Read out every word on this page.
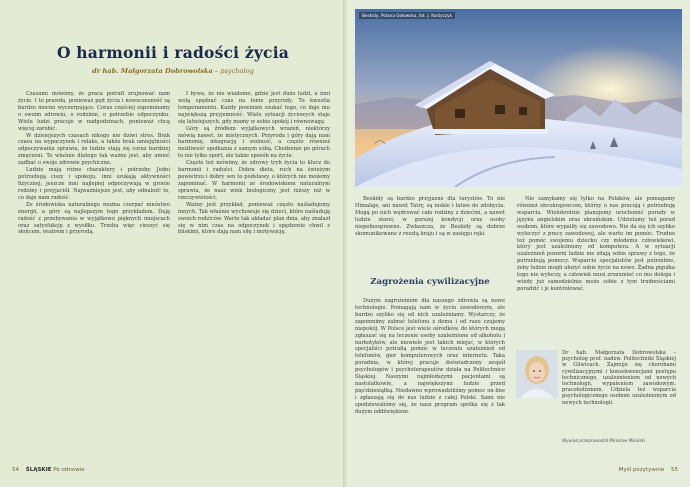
O harmonii i radości życia
dr hab. Małgorzata Dobrowolska – psycholog

Czasami mówimy, że praca potrafi zrujnować nam życie. I to prawda, ponieważ pęd życia i nowoczesność są bardzo mocno wyczerpujące. Coraz częściej zapominamy o swoim zdrowiu, o rodzinie, o potrzebie odpoczynku. Wielu ludzi pracuje w nadgodzinach, ponieważ chcą więcej zarobić.

W dzisiejszych czasach nikogo nie dziwi stres. Brak czasu na wypoczynek i relaks, a także brak umiejętności odpoczywania sprawia, że ludzie stają się coraz bardziej zmęczeni. To właśnie dlatego tak ważne jest, aby umieć zadbać o swoje zdrowie psychiczne.

Ludzie mają różne charaktery i potrzeby. Jedni potrzebują ciszy i spokoju, inni szukają aktywności fizycznej, jeszcze inni najlepiej odpoczywają w gronie rodziny i przyjaciół. Najważniejsze jest, aby odnaleźć to, co daje nam radość.

Ze środowiska naturalnego można czerpać mnóstwo energii, a góry są najlepszym tego przykładem. Dają radość z przebywania w wyjątkowo pięknych miejscach oraz satysfakcję z wysiłku. Trzeba więc cieszyć się słońcem, wiatrem i przyrodą.

I bywa, że nie wiadomo, gdzie jest dużo ludzi, a inni wolą spędzać czas na łonie przyrody. To kwestia temperamentu. Każdy powinien szukać tego, co daje mu największą przyjemność. Wiele sytuacji życiowych staje się łatwiejszych, gdy mamy w sobie spokój i równowagę.

Góry są źródłem wyjątkowych wrażeń, niektórzy mówią nawet, że mistycznych. Przyroda i góry dają nam harmonię, integrację i wolność, a często również możliwość spotkania z samym sobą. Chodzenie po górach to nie tylko sport, ale także sposób na życie.

Często też mówimy, że zdrowy tryb życia to klucz do harmonii i radości. Dobra dieta, ruch na świeżym powietrzu i dobry sen to podstawy, o których nie możemy zapominać. W harmonii ze środowiskiem naturalnym sprawia, że nasz wiek biologiczny jest niższy niż w rzeczywistości.

Ważny jest przykład, ponieważ często naśladujemy innych. Tak właśnie wychowuje się dzieci, które naśladują swoich rodziców. Warto tak układać plan dnia, aby znalazł się w nim czas na odpoczynek i spędzenie chwil z bliskimi, które dają nam siłę i motywację.

54 ŚLĄSKIE Po odnowie
Beskidy, Polana Gołowska, fot. J. Kostyczyk

Beskidy są bardzo przyjazne dla turystów. To nie Himalaje, ani nawet Tatry, są niskie i łatwe do zdobycia. Mogą po nich wędrować całe rodziny z dziećmi, a nawet ludzie starsi, w gorszej kondycji oraz osoby niepełnosprawne. Zwłaszcza, że Beskidy są dobrze skomunikowane z resztą kraju i są w zasięgu ręki.

Zagrożenia cywilizacyjne

Dużym zagrożeniem dla naszego zdrowia są nowe technologie. Pomagają nam w życiu zawodowym, ale bardzo szybko się od nich uzależniamy. Wystarczy, że zapomnimy zabrać telefonu z domu i od razu czujemy niepokój. W Polsce jest wiele ośrodków, do których mogą zgłaszać się na leczenie osoby uzależnione od alkoholu i narkotyków, ale niewiele jest takich miejsc, w których specjaliści potrafią pomóc w leczeniu uzależnień od telefonów, gier komputerowych oraz internetu. Taka poradnia, w której pracuje doświadczony zespół psychologów i psychoterapeutów działa na Politechnice Śląskiej. Naszymi najmłodszymi pacjentami są nastolatkowie, a największymi ludzie przed pięćdziesiątką. Niedawno wprowadziliśmy pomoc on-line i zgłaszają się do nas ludzie z całej Polski. Sami nie spodziewaliśmy się, że nasz program spotka się z tak dużym oddźwiękiem.

Nie zamykamy się tylko na Polaków, ale pomagamy również obcokrajowcom, którzy u nas pracują i potrzebują wsparcia. Wielokrotnie planujemy uruchomić porady w języku angielskim oraz ukraińskim. Udzielamy też porad osobom, które wypaliły się zawodowo. Nie da się ich szybko wyleczyć z pracy zawodowej, ale warto im pomóc. Trudno też pomóc swojemu dziecku czy młodemu człowiekowi, który jest uzależniony od komputera. A w sytuacji uzależnień pozorni ludzie nie zdają sobie sprawy z tego, że potrzebują pomocy. Wsparcie specjalistów jest potrzebne, żeby ludzie mogli ułożyć sobie życie na nowo. Żadna pigułka tego nie wyleczy, a człowiek musi zrozumieć co mu dolega i wtedy już samodzielnie może sobie z tym trudnościami poradzić i je kontrolować.

Dr hab. Małgorzata Dobrowolska – psycholog prof. nadzw. Politechniki Śląskiej w Gliwicach. Zajmuje się chorobami cywilizacyjnymi i konsekwencjami postępu technicznego, uzależnieniem od nowych technologii, wypaleniem zawodowym, pracoholizmem. Udziela też wsparcia psychologicznego osobom uzależnionym od nowych technologii.
Wywiad przeprowadził Mirosław Mikulski
Myśl pozytywnie 55
